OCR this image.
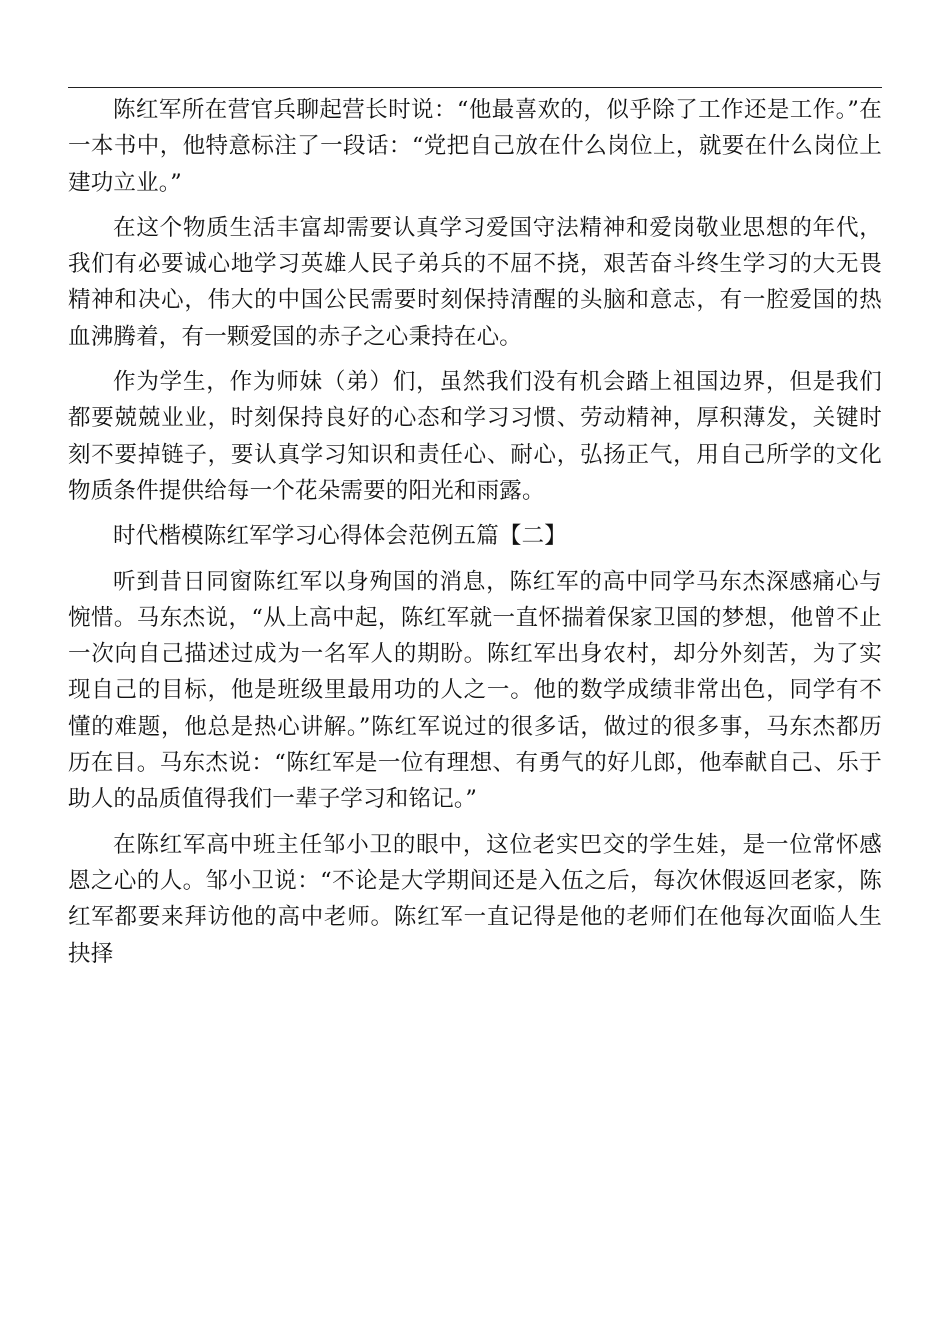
陈红军所在营官兵聊起营长时说：“他最喜欢的，似乎除了工作还是工作。”在一本书中，他特意标注了一段话：“党把自己放在什么岗位上，就要在什么岗位上建功立业。”

在这个物质生活丰富却需要认真学习爱国守法精神和爱岗敬业思想的年代，我们有必要诚心地学习英雄人民子弟兵的不屈不挠，艰苦奋斗终生学习的大无畏精神和决心，伟大的中国公民需要时刻保持清醒的头脑和意志，有一腔爱国的热血沸腾着，有一颗爱国的赤子之心秉持在心。

作为学生，作为师妹（弟）们，虽然我们没有机会踏上祖国边界，但是我们都要兢兢业业，时刻保持良好的心态和学习习惯、劳动精神，厚积薄发，关键时刻不要掉链子，要认真学习知识和责任心、耐心，弘扬正气，用自己所学的文化物质条件提供给每一个花朵需要的阳光和雨露。

时代楷模陈红军学习心得体会范例五篇【二】

听到昔日同窗陈红军以身殉国的消息，陈红军的高中同学马东杰深感痛心与惋惜。马东杰说，“从上高中起，陈红军就一直怀揣着保家卫国的梦想，他曾不止一次向自己描述过成为一名军人的期盼。陈红军出身农村，却分外刻苦，为了实现自己的目标，他是班级里最用功的人之一。他的数学成绩非常出色，同学有不懂的难题，他总是热心讲解。”陈红军说过的很多话，做过的很多事，马东杰都历历在目。马东杰说：“陈红军是一位有理想、有勇气的好儿郎，他奉献自己、乐于助人的品质值得我们一辈子学习和铭记。”

在陈红军高中班主任邹小卫的眼中，这位老实巴交的学生娃，是一位常怀感恩之心的人。邹小卫说：“不论是大学期间还是入伍之后，每次休假返回老家，陈红军都要来拜访他的高中老师。陈红军一直记得是他的老师们在他每次面临人生抉择
